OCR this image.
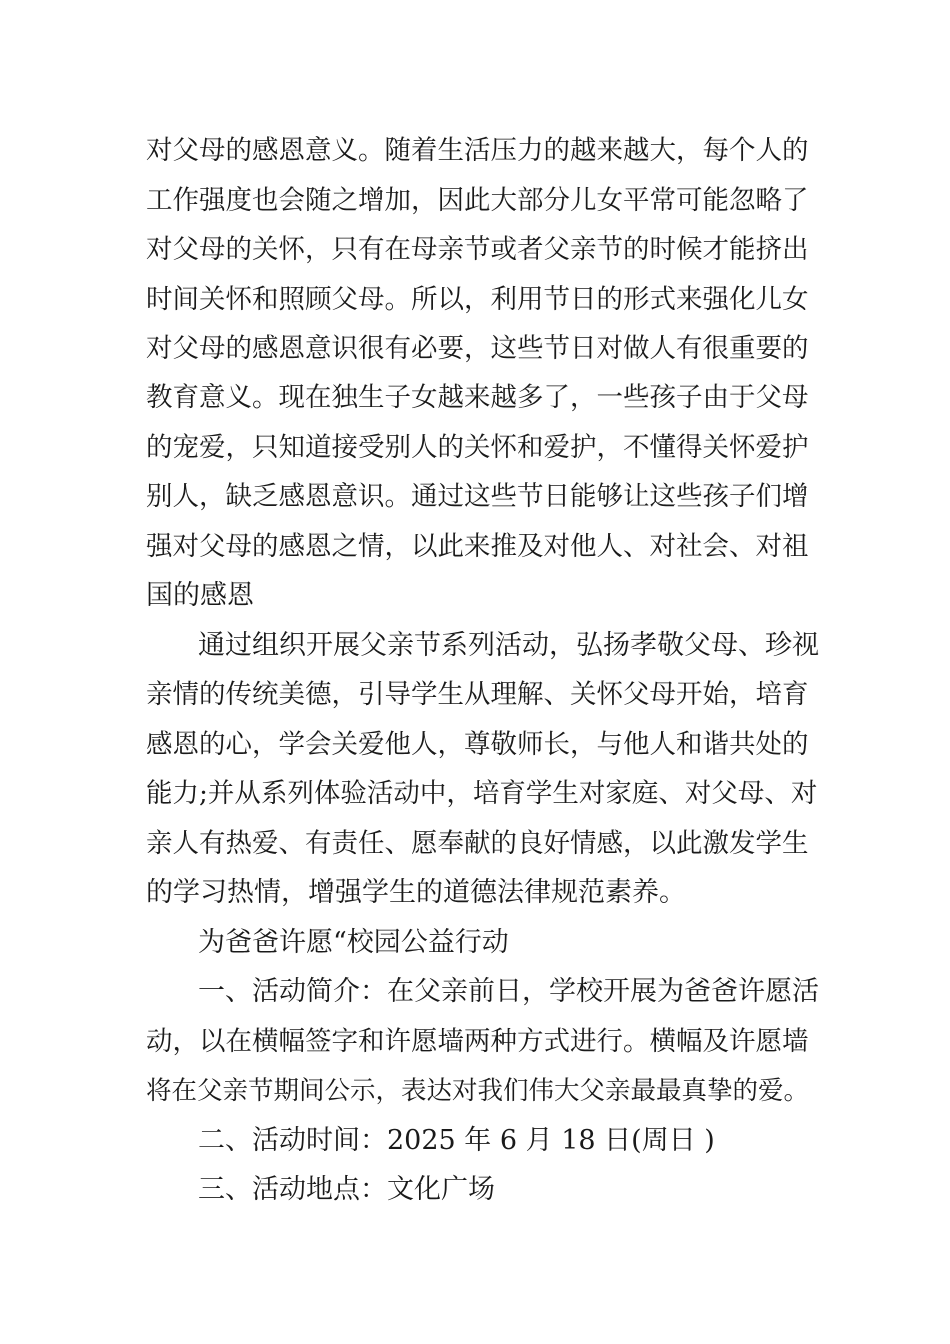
对父母的感恩意义。随着生活压力的越来越大，每个人的
工作强度也会随之增加，因此大部分儿女平常可能忽略了
对父母的关怀，只有在母亲节或者父亲节的时候才能挤出
时间关怀和照顾父母。所以，利用节日的形式来强化儿女
对父母的感恩意识很有必要，这些节日对做人有很重要的
教育意义。现在独生子女越来越多了，一些孩子由于父母
的宠爱，只知道接受别人的关怀和爱护，不懂得关怀爱护
别人，缺乏感恩意识。通过这些节日能够让这些孩子们增
强对父母的感恩之情，以此来推及对他人、对社会、对祖
国的感恩
通过组织开展父亲节系列活动，弘扬孝敬父母、珍视
亲情的传统美德，引导学生从理解、关怀父母开始，培育
感恩的心，学会关爱他人，尊敬师长，与他人和谐共处的
能力;并从系列体验活动中，培育学生对家庭、对父母、对
亲人有热爱、有责任、愿奉献的良好情感，以此激发学生
的学习热情，增强学生的道德法律规范素养。
为爸爸许愿“校园公益行动
一、活动简介：在父亲前日，学校开展为爸爸许愿活
动，以在横幅签字和许愿墙两种方式进行。横幅及许愿墙
将在父亲节期间公示，表达对我们伟大父亲最最真挚的爱。
二、活动时间：2025 年 6 月 18 日(周日 )
三、活动地点：文化广场
